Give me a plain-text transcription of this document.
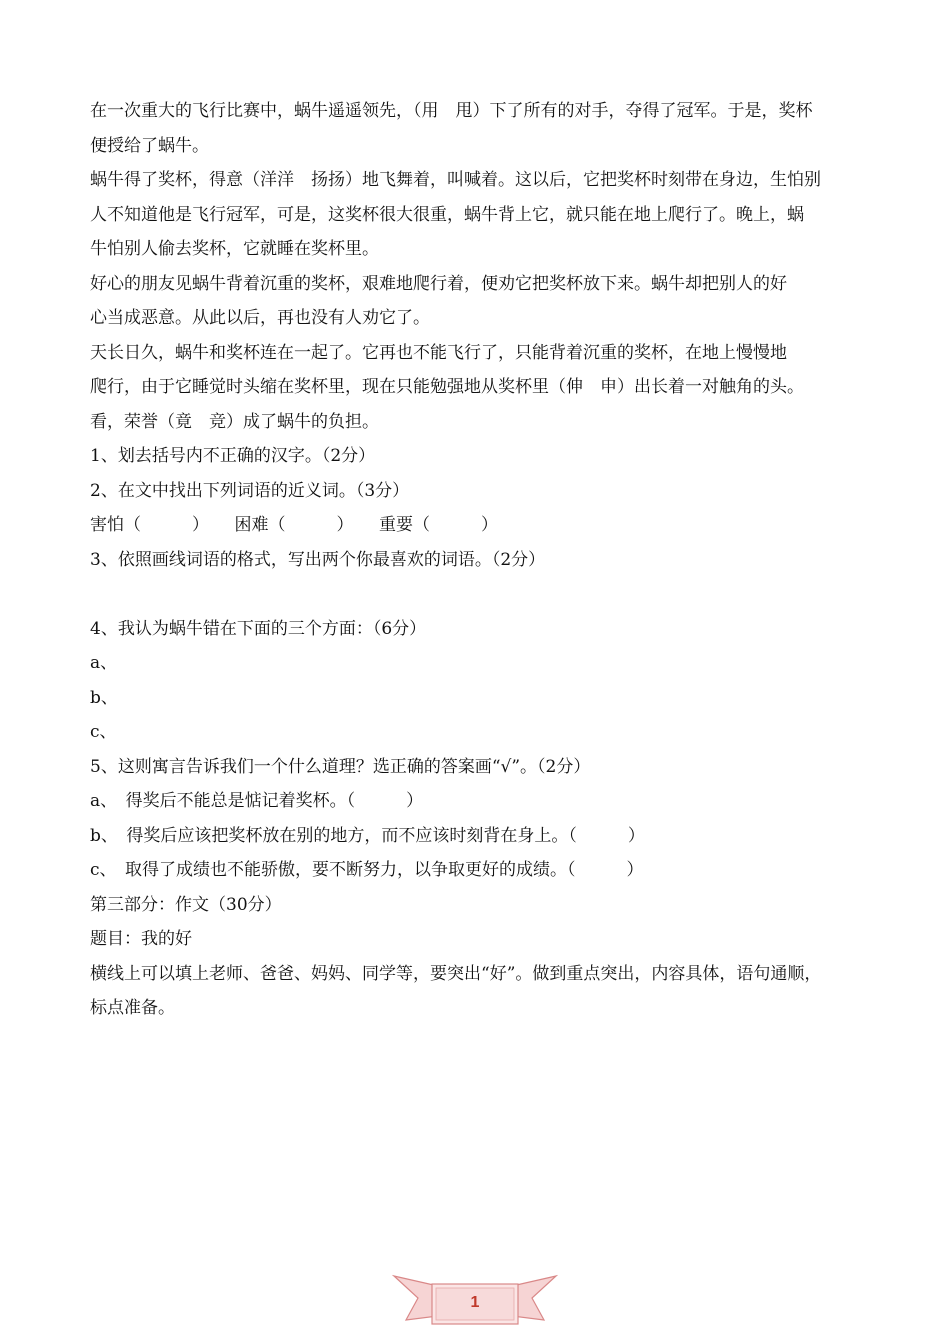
在一次重大的飞行比赛中，蜗牛遥遥领先，（用　甩）下了所有的对手，夺得了冠军。于是，奖杯
便授给了蜗牛。
蜗牛得了奖杯，得意（洋洋　扬扬）地飞舞着，叫喊着。这以后，它把奖杯时刻带在身边，生怕别
人不知道他是飞行冠军，可是，这奖杯很大很重，蜗牛背上它，就只能在地上爬行了。晚上，蜗
牛怕别人偷去奖杯，它就睡在奖杯里。
好心的朋友见蜗牛背着沉重的奖杯，艰难地爬行着，便劝它把奖杯放下来。蜗牛却把别人的好
心当成恶意。从此以后，再也没有人劝它了。
天长日久，蜗牛和奖杯连在一起了。它再也不能飞行了，只能背着沉重的奖杯，在地上慢慢地
爬行，由于它睡觉时头缩在奖杯里，现在只能勉强地从奖杯里（伸　申）出长着一对触角的头。
看，荣誉（竟　竞）成了蜗牛的负担。
1、划去括号内不正确的汉字。（2分）
2、在文中找出下列词语的近义词。（3分）
害怕（　　　）　　困难（　　　）　　重要（　　　）
3、依照画线词语的格式，写出两个你最喜欢的词语。（2分）
4、我认为蜗牛错在下面的三个方面：（6分）
a、
b、
c、
5、这则寓言告诉我们一个什么道理？选正确的答案画“√”。（2分）
a、　得奖后不能总是惦记着奖杯。（　　　）
b、　得奖后应该把奖杯放在别的地方，而不应该时刻背在身上。（　　　）
c、　取得了成绩也不能骄傲，要不断努力，以争取更好的成绩。（　　　）
第三部分：作文（30分）
题目：我的好
横线上可以填上老师、爸爸、妈妈、同学等，要突出“好”。做到重点突出，内容具体，语句通顺，
标点准备。
1
